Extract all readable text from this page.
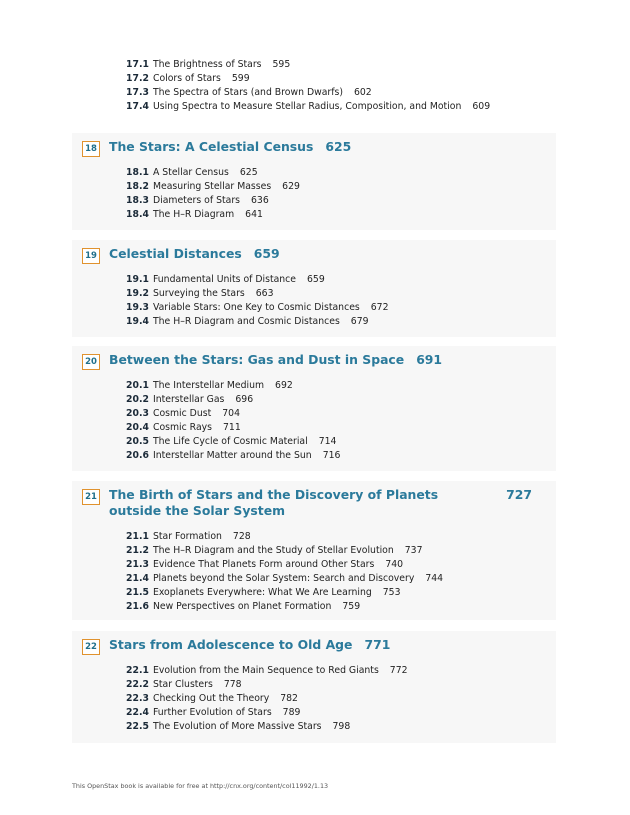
17.1 The Brightness of Stars 595
17.2 Colors of Stars 599
17.3 The Spectra of Stars (and Brown Dwarfs) 602
17.4 Using Spectra to Measure Stellar Radius, Composition, and Motion 609
18 The Stars: A Celestial Census 625
18.1 A Stellar Census 625
18.2 Measuring Stellar Masses 629
18.3 Diameters of Stars 636
18.4 The H–R Diagram 641
19 Celestial Distances 659
19.1 Fundamental Units of Distance 659
19.2 Surveying the Stars 663
19.3 Variable Stars: One Key to Cosmic Distances 672
19.4 The H–R Diagram and Cosmic Distances 679
20 Between the Stars: Gas and Dust in Space 691
20.1 The Interstellar Medium 692
20.2 Interstellar Gas 696
20.3 Cosmic Dust 704
20.4 Cosmic Rays 711
20.5 The Life Cycle of Cosmic Material 714
20.6 Interstellar Matter around the Sun 716
21 The Birth of Stars and the Discovery of Planets outside the Solar System
727
21.1 Star Formation 728
21.2 The H–R Diagram and the Study of Stellar Evolution 737
21.3 Evidence That Planets Form around Other Stars 740
21.4 Planets beyond the Solar System: Search and Discovery 744
21.5 Exoplanets Everywhere: What We Are Learning 753
21.6 New Perspectives on Planet Formation 759
22 Stars from Adolescence to Old Age 771
22.1 Evolution from the Main Sequence to Red Giants 772
22.2 Star Clusters 778
22.3 Checking Out the Theory 782
22.4 Further Evolution of Stars 789
22.5 The Evolution of More Massive Stars 798
This OpenStax book is available for free at http://cnx.org/content/col11992/1.13
